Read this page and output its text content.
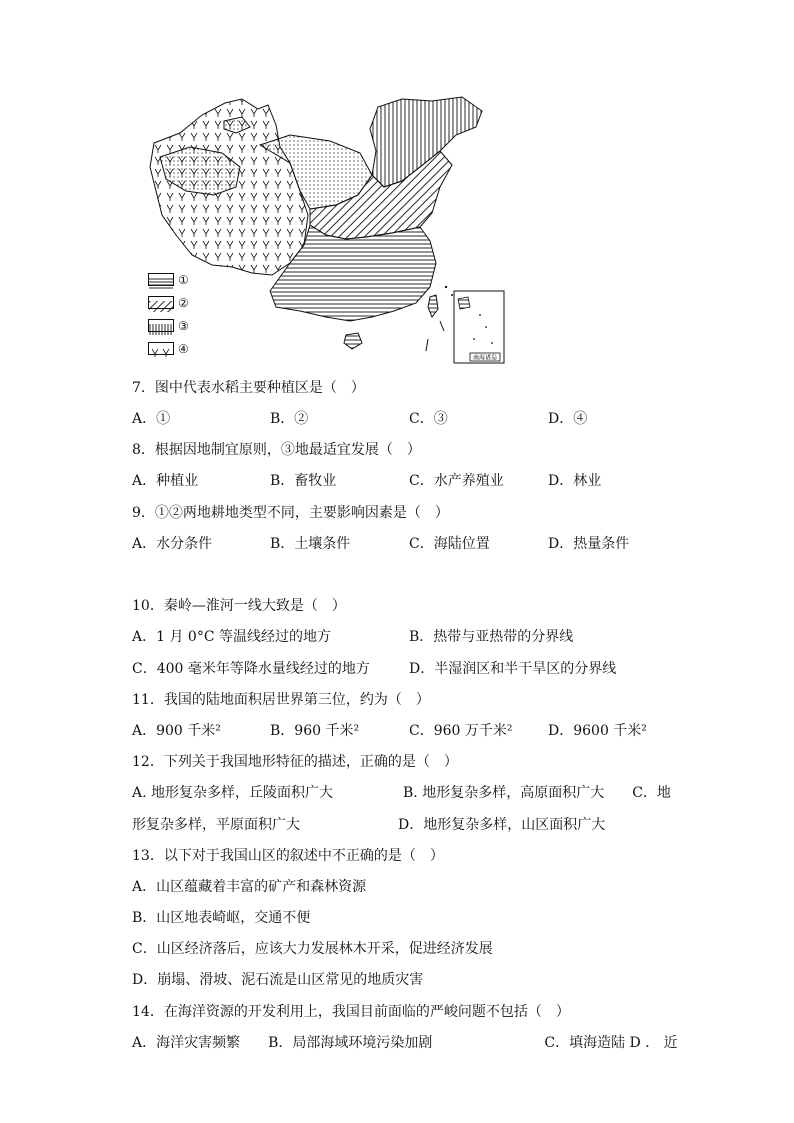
南海诸岛
①
②
③
④
7．图中代表水稻主要种植区是（　）
A．①	B．②	C．③	D．④
8．根据因地制宜原则，③地最适宜发展（　）
A．种植业	B．畜牧业	C．水产养殖业	D．林业
9．①②两地耕地类型不同，主要影响因素是（　）
A．水分条件	B．土壤条件	C．海陆位置	D．热量条件
10．秦岭—淮河一线大致是（　）
A．1 月 0°C 等温线经过的地方	B．热带与亚热带的分界线
C．400 毫米年等降水量线经过的地方	D．半湿润区和半干旱区的分界线
11．我国的陆地面积居世界第三位，约为（　）
A．900 千米²	B．960 千米²	C．960 万千米²	D．9600 千米²
12．下列关于我国地形特征的描述，正确的是（　）
A. 地形复杂多样，丘陵面积广大　　　　　B. 地形复杂多样，高原面积广大　　C．地
形复杂多样，平原面积广大　　　　　　　D．地形复杂多样，山区面积广大
13．以下对于我国山区的叙述中不正确的是（　）
A．山区蕴藏着丰富的矿产和森林资源
B．山区地表崎岖，交通不便
C．山区经济落后，应该大力发展林木开采，促进经济发展
D．崩塌、滑坡、泥石流是山区常见的地质灾害
14．在海洋资源的开发利用上，我国目前面临的严峻问题不包括（　）
A．海洋灾害频繁　　B．局部海域环境污染加剧　　　　　　　　C．填海造陆 D ． 近
